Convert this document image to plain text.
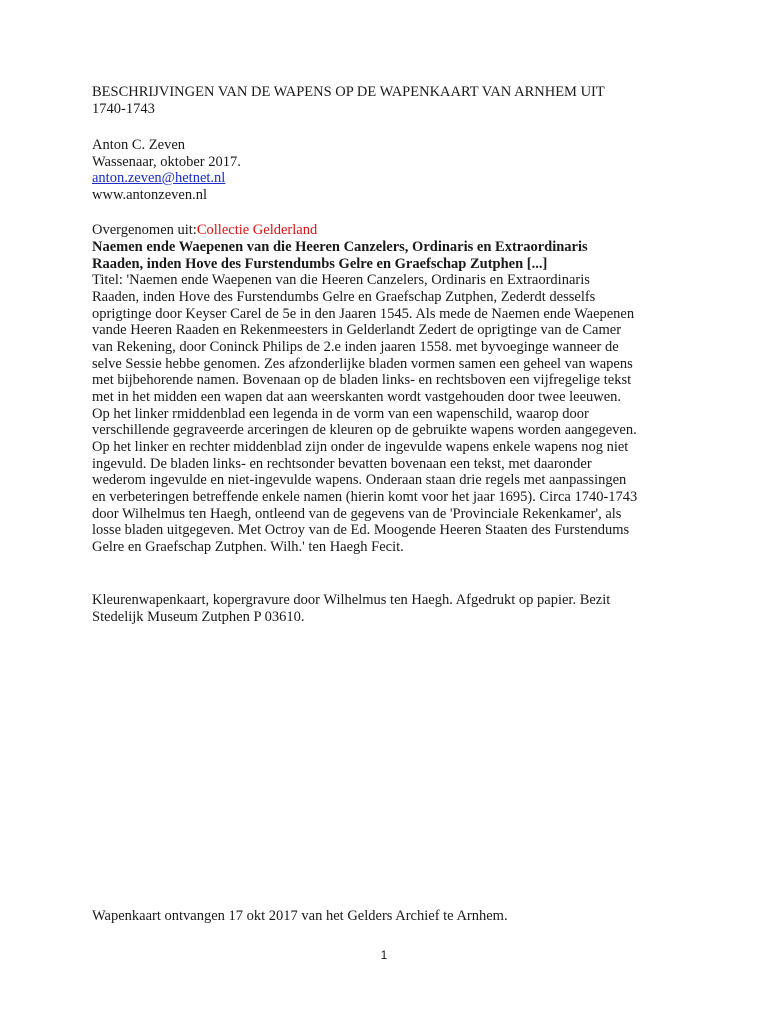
BESCHRIJVINGEN VAN DE WAPENS OP DE WAPENKAART VAN ARNHEM UIT
1740-1743
Anton C. Zeven
Wassenaar, oktober 2017.
anton.zeven@hetnet.nl
www.antonzeven.nl
Overgenomen uit:Collectie Gelderland
Naemen ende Waepenen van die Heeren Canzelers, Ordinaris en Extraordinaris
Raaden, inden Hove des Furstendumbs Gelre en Graefschap Zutphen [...]
Titel: 'Naemen ende Waepenen van die Heeren Canzelers, Ordinaris en Extraordinaris
Raaden, inden Hove des Furstendumbs Gelre en Graefschap Zutphen, Zederdt desselfs
oprigtinge door Keyser Carel de 5e in den Jaaren 1545. Als mede de Naemen ende Waepenen
vande Heeren Raaden en Rekenmeesters in Gelderlandt Zedert de oprigtinge van de Camer
van Rekening, door Coninck Philips de 2.e inden jaaren 1558. met byvoeginge wanneer de
selve Sessie hebbe genomen. Zes afzonderlijke bladen vormen samen een geheel van wapens
met bijbehorende namen. Bovenaan op de bladen links- en rechtsboven een vijfregelige tekst
met in het midden een wapen dat aan weerskanten wordt vastgehouden door twee leeuwen.
Op het linker rmiddenblad een legenda in de vorm van een wapenschild, waarop door
verschillende gegraveerde arceringen de kleuren op de gebruikte wapens worden aangegeven.
Op het linker en rechter middenblad zijn onder de ingevulde wapens enkele wapens nog niet
ingevuld. De bladen links- en rechtsonder bevatten bovenaan een tekst, met daaronder
wederom ingevulde en niet-ingevulde wapens. Onderaan staan drie regels met aanpassingen
en verbeteringen betreffende enkele namen (hierin komt voor het jaar 1695). Circa 1740-1743
door Wilhelmus ten Haegh, ontleend van de gegevens van de 'Provinciale Rekenkamer', als
losse bladen uitgegeven. Met Octroy van de Ed. Moogende Heeren Staaten des Furstendums
Gelre en Graefschap Zutphen. Wilh.' ten Haegh Fecit.
Kleurenwapenkaart, kopergravure door Wilhelmus ten Haegh. Afgedrukt op papier. Bezit
Stedelijk Museum Zutphen P 03610.
Wapenkaart ontvangen 17 okt 2017 van het Gelders Archief te Arnhem.
1
